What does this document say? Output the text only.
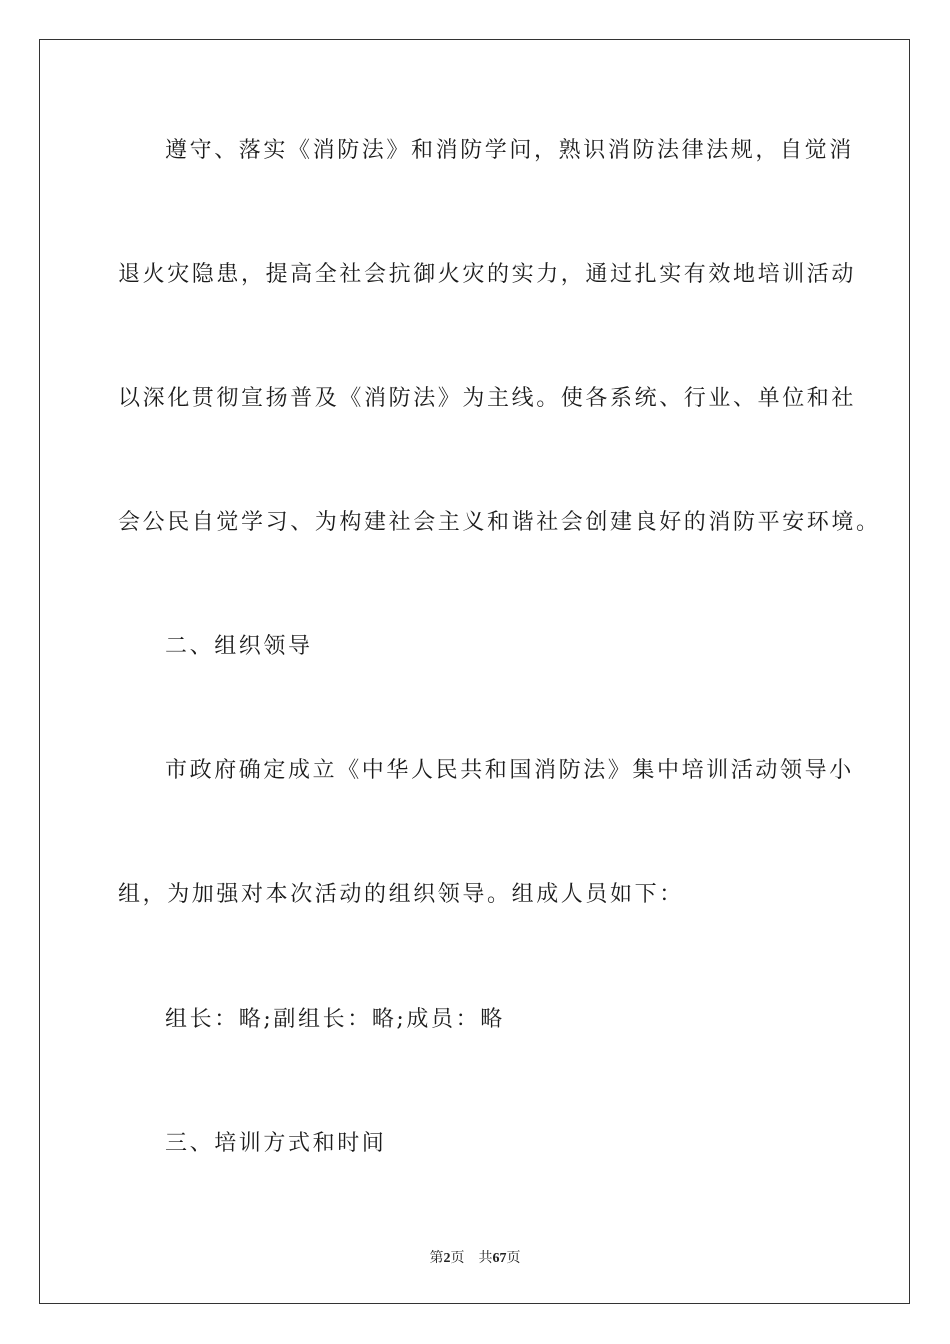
遵守、落实《消防法》和消防学问，熟识消防法律法规，自觉消
退火灾隐患，提高全社会抗御火灾的实力，通过扎实有效地培训活动
以深化贯彻宣扬普及《消防法》为主线。使各系统、行业、单位和社
会公民自觉学习、为构建社会主义和谐社会创建良好的消防平安环境。
二、组织领导
市政府确定成立《中华人民共和国消防法》集中培训活动领导小
组，为加强对本次活动的组织领导。组成人员如下：
组长：略;副组长：略;成员：略
三、培训方式和时间
第2页 共67页
